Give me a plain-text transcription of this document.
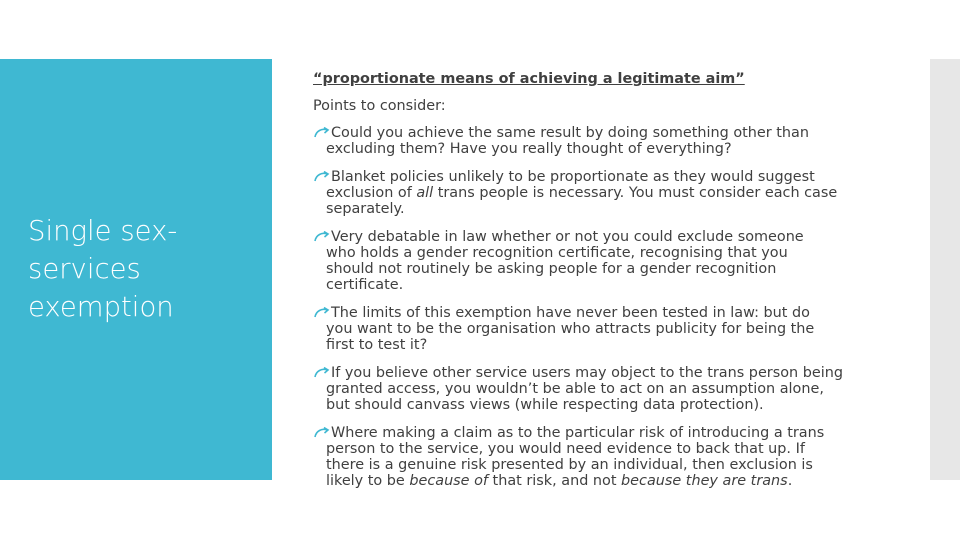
Single sex-
services
exemption

“proportionate means of achieving a legitimate aim”

Points to consider:

Could you achieve the same result by doing something other than
excluding them? Have you really thought of everything?
Blanket policies unlikely to be proportionate as they would suggest
exclusion of all trans people is necessary. You must consider each case
separately.
Very debatable in law whether or not you could exclude someone
who holds a gender recognition certificate, recognising that you
should not routinely be asking people for a gender recognition
certificate.
The limits of this exemption have never been tested in law: but do
you want to be the organisation who attracts publicity for being the
first to test it?
If you believe other service users may object to the trans person being
granted access, you wouldn’t be able to act on an assumption alone,
but should canvass views (while respecting data protection).
Where making a claim as to the particular risk of introducing a trans
person to the service, you would need evidence to back that up. If
there is a genuine risk presented by an individual, then exclusion is
likely to be because of that risk, and not because they are trans.
